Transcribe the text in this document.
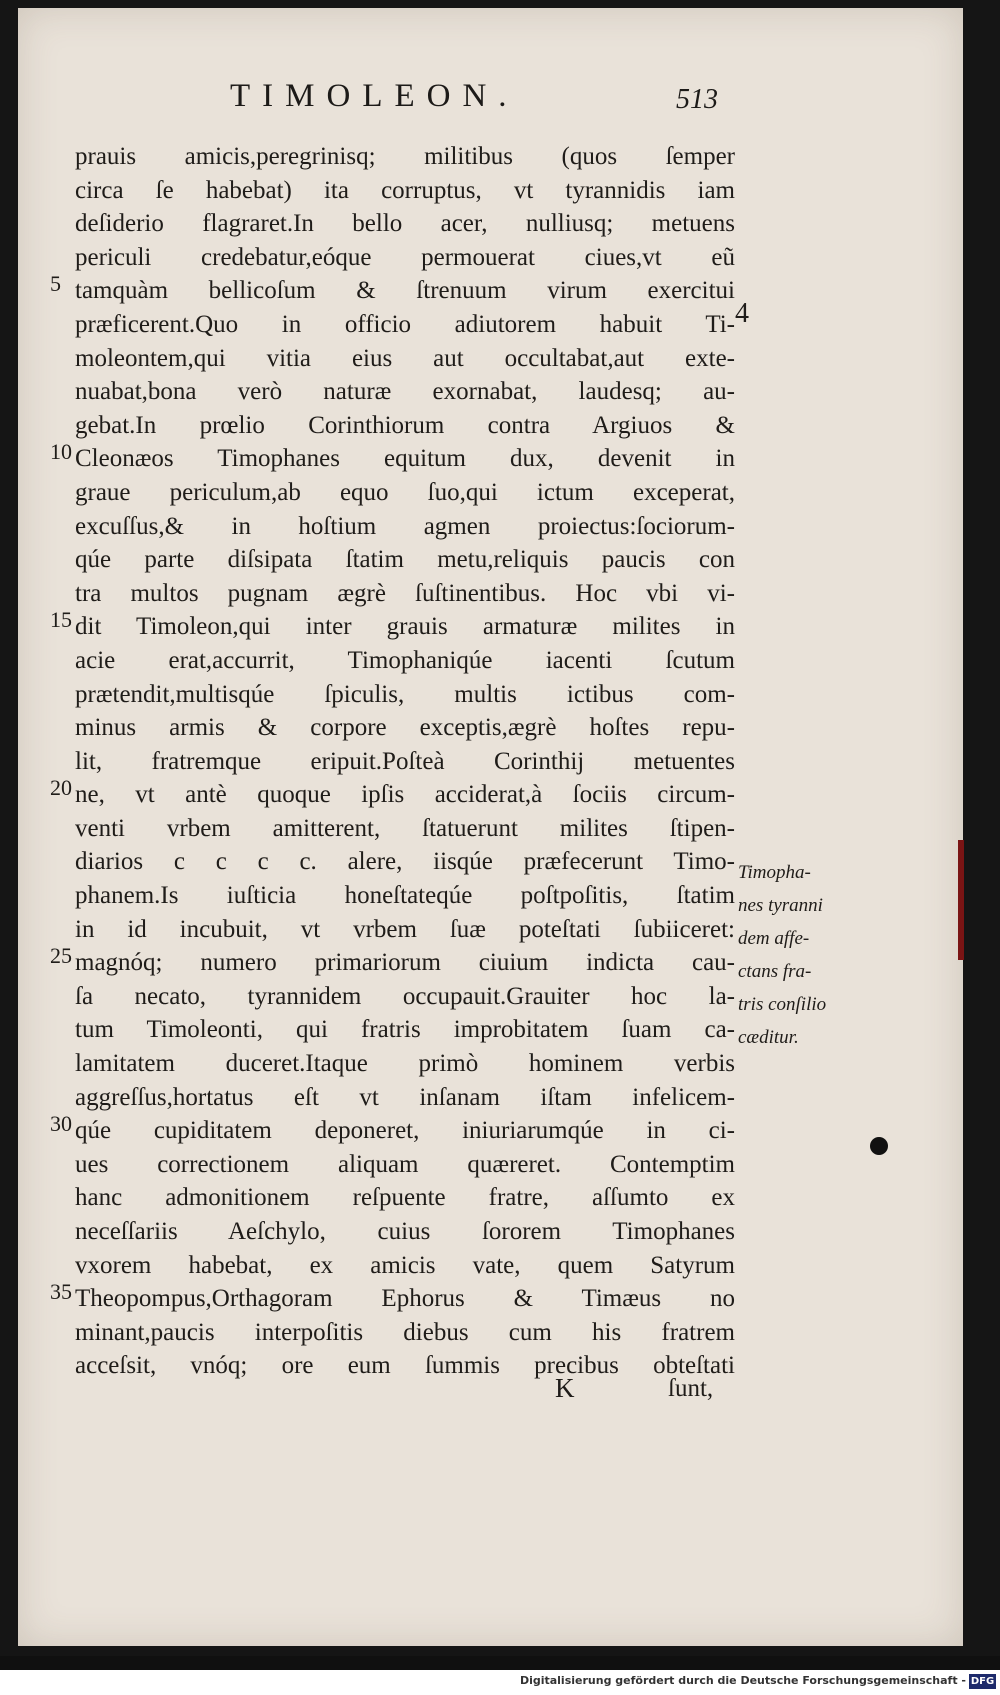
TIMOLEON.	513
prauis amicis,peregrinisq; militibus (quos ſemper
circa ſe habebat) ita corruptus, vt tyrannidis iam
deſiderio flagraret.In bello acer, nulliusq; metuens
periculi credebatur,eóque permouerat ciues,vt eũ
tamquàm bellicoſum & ſtrenuum virum exercitui
præficerent.Quo in officio adiutorem habuit Ti-
moleontem,qui vitia eius aut occultabat,aut exte-
nuabat,bona verò naturæ exornabat, laudesq; au-
gebat.In prœlio Corinthiorum contra Argiuos &
Cleonæos Timophanes equitum dux, devenit in
graue periculum,ab equo ſuo,qui ictum exceperat,
excuſſus,& in hoſtium agmen proiectus:ſociorum-
qúe parte diſsipata ſtatim metu,reliquis paucis con
tra multos pugnam ægrè ſuſtinentibus. Hoc vbi vi-
dit Timoleon,qui inter grauis armaturæ milites in
acie erat,accurrit, Timophaniqúe iacenti ſcutum
prætendit,multisqúe ſpiculis, multis ictibus com-
minus armis & corpore exceptis,ægrè hoſtes repu-
lit, fratremque eripuit.Poſteà Corinthij metuentes
ne, vt antè quoque ipſis acciderat,à ſociis circum-
venti vrbem amitterent, ſtatuerunt milites ſtipen-
diarios c c c c. alere, iisqúe præfecerunt Timo-
phanem.Is iuſticia honeſtateqúe poſtpoſitis, ſtatim
in id incubuit, vt vrbem ſuæ poteſtati ſubiiceret:
magnóq; numero primariorum ciuium indicta cau-
ſa necato, tyrannidem occupauit.Grauiter hoc la-
tum Timoleonti, qui fratris improbitatem ſuam ca-
lamitatem duceret.Itaque primò hominem verbis
aggreſſus,hortatus eſt vt inſanam iſtam infelicem-
qúe cupiditatem deponeret, iniuriarumqúe in ci-
ues correctionem aliquam quæreret. Contemptim
hanc admonitionem reſpuente fratre, aſſumto ex
neceſſariis Aeſchylo, cuius ſororem Timophanes
vxorem habebat, ex amicis vate, quem Satyrum
Theopompus,Orthagoram Ephorus & Timæus no
minant,paucis interpoſitis diebus cum his fratrem
acceſsit, vnóq; ore eum ſummis precibus obteſtati
5
10
15
20
25
30
35
4
Timopha-
nes tyranni
dem affe-
ctans fra-
tris conſilio
cæditur.
K	ſunt,
Digitalisierung gefördert durch die Deutsche Forschungsgemeinschaft - DFG
